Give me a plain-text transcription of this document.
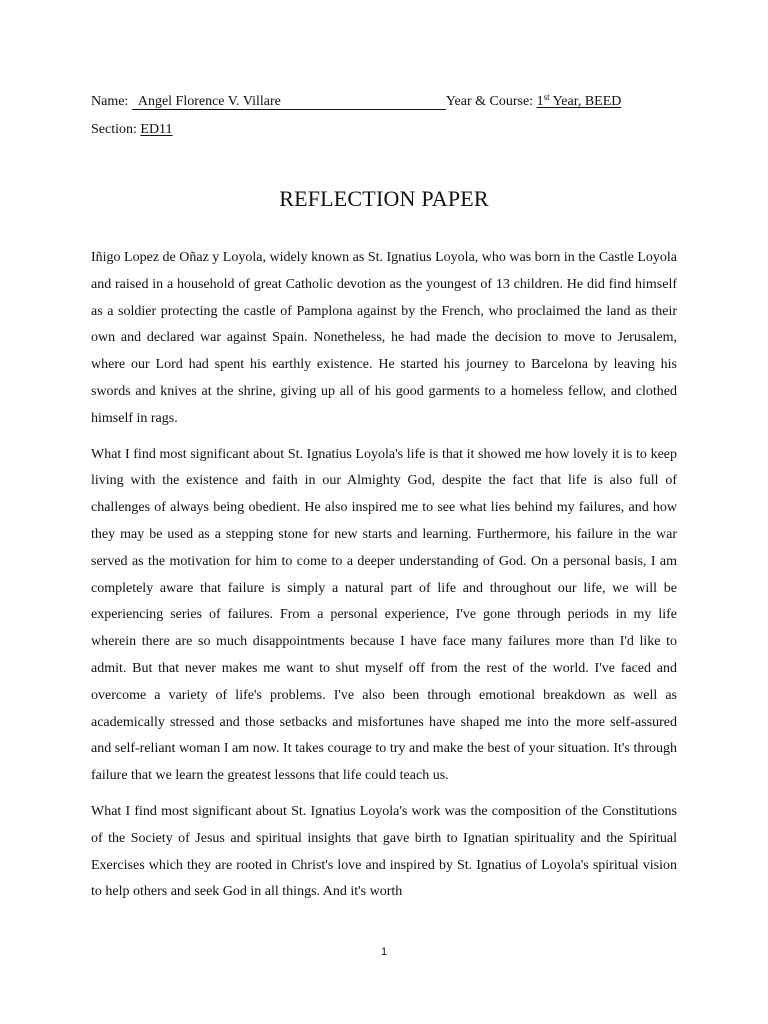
Name: Angel Florence V. Villare	Year & Course: 1st Year, BEED
Section: ED11
REFLECTION PAPER

Iñigo Lopez de Oñaz y Loyola, widely known as St. Ignatius Loyola, who was born in the Castle Loyola and raised in a household of great Catholic devotion as the youngest of 13 children. He did find himself as a soldier protecting the castle of Pamplona against by the French, who proclaimed the land as their own and declared war against Spain. Nonetheless, he had made the decision to move to Jerusalem, where our Lord had spent his earthly existence. He started his journey to Barcelona by leaving his swords and knives at the shrine, giving up all of his good garments to a homeless fellow, and clothed himself in rags.

What I find most significant about St. Ignatius Loyola's life is that it showed me how lovely it is to keep living with the existence and faith in our Almighty God, despite the fact that life is also full of challenges of always being obedient. He also inspired me to see what lies behind my failures, and how they may be used as a stepping stone for new starts and learning. Furthermore, his failure in the war served as the motivation for him to come to a deeper understanding of God. On a personal basis, I am completely aware that failure is simply a natural part of life and throughout our life, we will be experiencing series of failures. From a personal experience, I've gone through periods in my life wherein there are so much disappointments because I have face many failures more than I'd like to admit. But that never makes me want to shut myself off from the rest of the world. I've faced and overcome a variety of life's problems. I've also been through emotional breakdown as well as academically stressed and those setbacks and misfortunes have shaped me into the more self-assured and self-reliant woman I am now. It takes courage to try and make the best of your situation. It's through failure that we learn the greatest lessons that life could teach us.

What I find most significant about St. Ignatius Loyola's work was the composition of the Constitutions of the Society of Jesus and spiritual insights that gave birth to Ignatian spirituality and the Spiritual Exercises which they are rooted in Christ's love and inspired by St. Ignatius of Loyola's spiritual vision to help others and seek God in all things. And it's worth

1
